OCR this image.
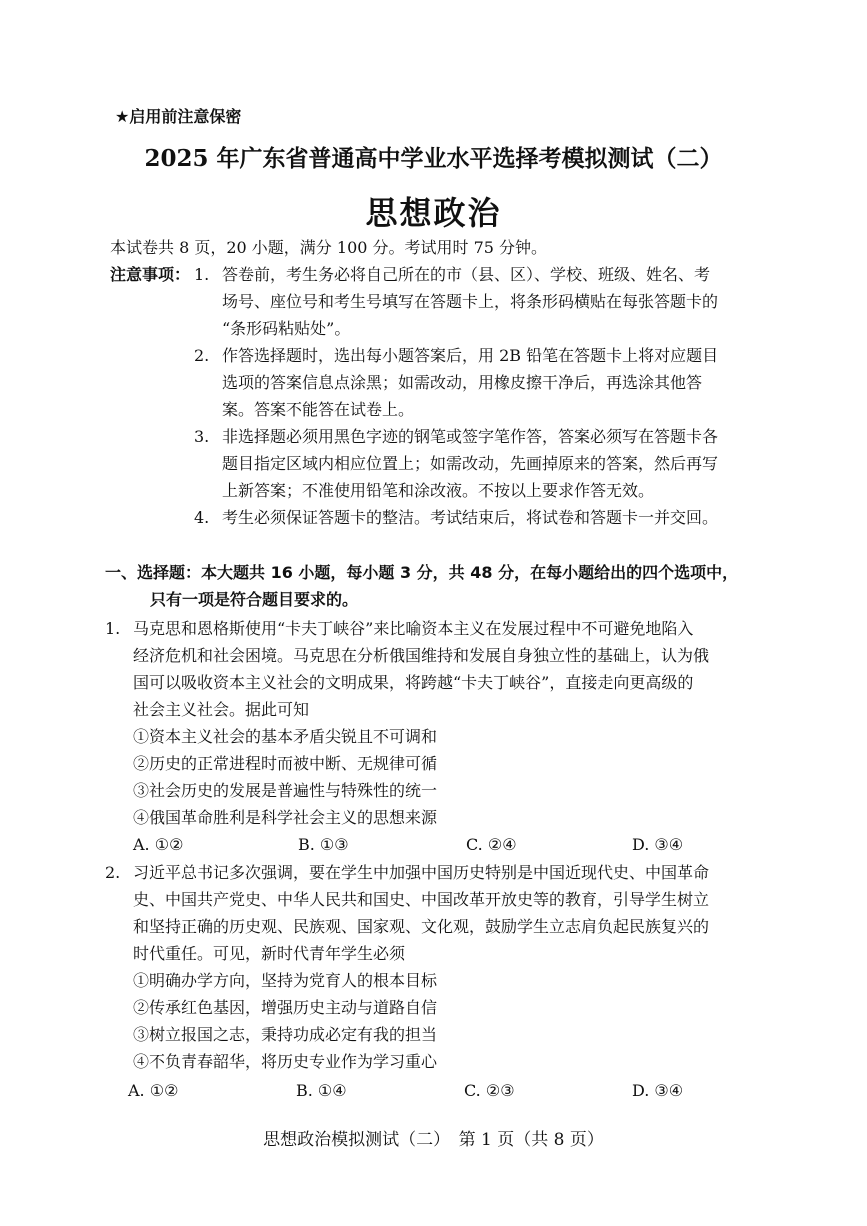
★启用前注意保密
2025 年广东省普通高中学业水平选择考模拟测试（二）
思想政治
本试卷共 8 页，20 小题，满分 100 分。考试用时 75 分钟。
注意事项： 1. 答卷前，考生务必将自己所在的市（县、区）、学校、班级、姓名、考
场号、座位号和考生号填写在答题卡上，将条形码横贴在每张答题卡的
“条形码粘贴处”。
2. 作答选择题时，选出每小题答案后，用 2B 铅笔在答题卡上将对应题目
选项的答案信息点涂黑；如需改动，用橡皮擦干净后，再选涂其他答
案。答案不能答在试卷上。
3. 非选择题必须用黑色字迹的钢笔或签字笔作答，答案必须写在答题卡各
题目指定区域内相应位置上；如需改动，先画掉原来的答案，然后再写
上新答案；不准使用铅笔和涂改液。不按以上要求作答无效。
4. 考生必须保证答题卡的整洁。考试结束后，将试卷和答题卡一并交回。
一、选择题：本大题共 16 小题，每小题 3 分，共 48 分，在每小题给出的四个选项中，
只有一项是符合题目要求的。
1. 马克思和恩格斯使用“卡夫丁峡谷”来比喻资本主义在发展过程中不可避免地陷入
经济危机和社会困境。马克思在分析俄国维持和发展自身独立性的基础上，认为俄
国可以吸收资本主义社会的文明成果，将跨越“卡夫丁峡谷”，直接走向更高级的
社会主义社会。据此可知
①资本主义社会的基本矛盾尖锐且不可调和
②历史的正常进程时而被中断、无规律可循
③社会历史的发展是普遍性与特殊性的统一
④俄国革命胜利是科学社会主义的思想来源
A. ①②	B. ①③	C. ②④	D. ③④
2. 习近平总书记多次强调，要在学生中加强中国历史特别是中国近现代史、中国革命
史、中国共产党史、中华人民共和国史、中国改革开放史等的教育，引导学生树立
和坚持正确的历史观、民族观、国家观、文化观，鼓励学生立志肩负起民族复兴的
时代重任。可见，新时代青年学生必须
①明确办学方向，坚持为党育人的根本目标
②传承红色基因，增强历史主动与道路自信
③树立报国之志，秉持功成必定有我的担当
④不负青春韶华，将历史专业作为学习重心
A. ①②	B. ①④	C. ②③	D. ③④
思想政治模拟测试（二）　第 1 页（共 8 页）
